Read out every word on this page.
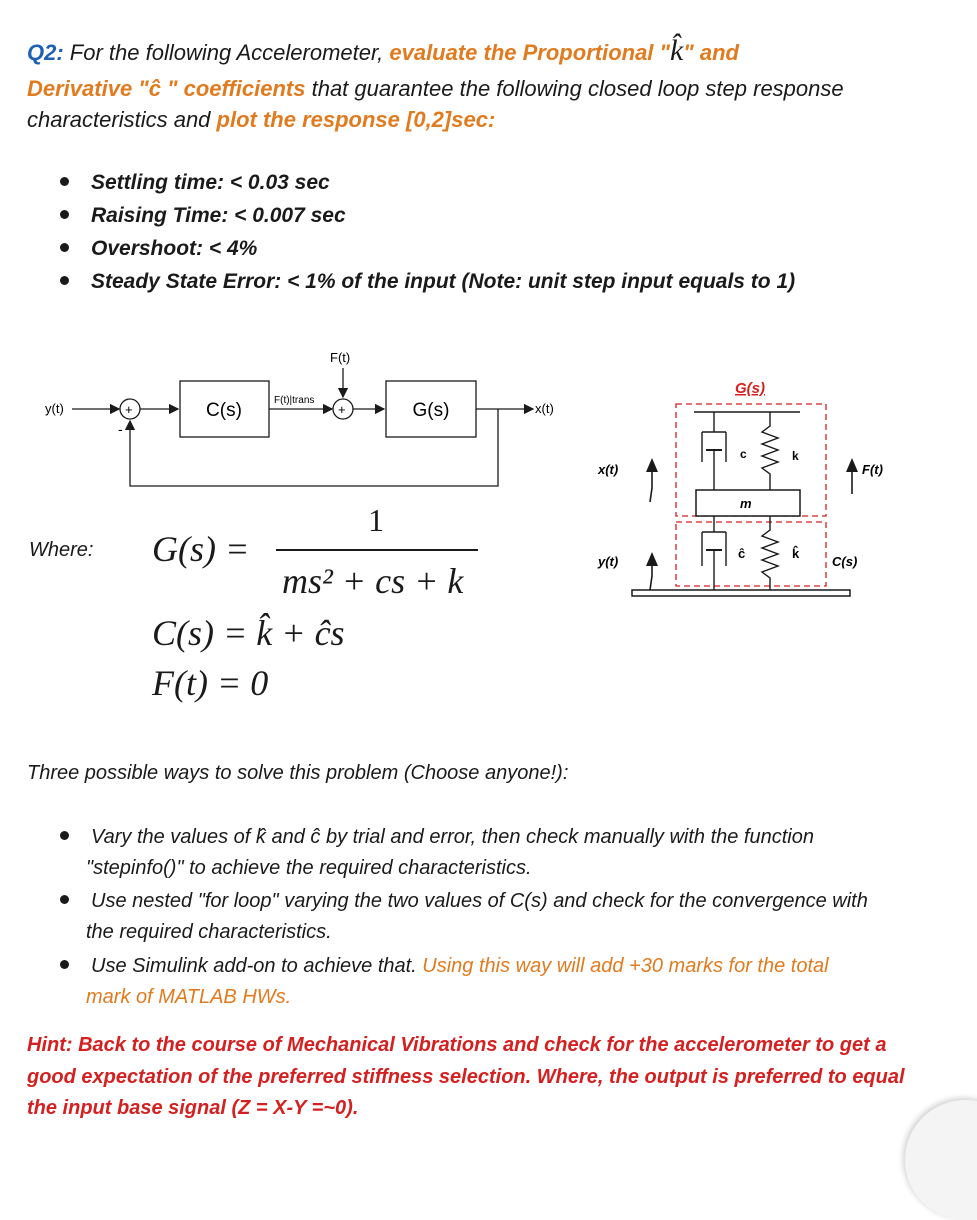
Q2: For the following Accelerometer, evaluate the Proportional "k̂" and
Derivative "ĉ " coefficients that guarantee the following closed loop step response
characteristics and plot the response [0,2]sec:
Settling time: < 0.03 sec
Raising Time: < 0.007 sec
Overshoot: < 4%
Steady State Error: < 1% of the input (Note: unit step input equals to 1)
y(t)	+
-
C(s)	F(t)|trans
F(t)
+	G(s)	x(t)
G(s)
c	k
m
x(t)	F(t)
ĉ	k̂
C(s)
y(t)
Where: G(s) =
1
ms² + cs + k
C(s) = k̂ + ĉs
F(t) = 0
Three possible ways to solve this problem (Choose anyone!):
Vary the values of k̂ and ĉ by trial and error, then check manually with the function
"stepinfo()" to achieve the required characteristics.
Use nested "for loop" varying the two values of C(s) and check for the convergence with
the required characteristics.
Use Simulink add-on to achieve that. Using this way will add +30 marks for the total
mark of MATLAB HWs.
Hint: Back to the course of Mechanical Vibrations and check for the accelerometer to get a
good expectation of the preferred stiffness selection. Where, the output is preferred to equal
the input base signal (Z = X-Y =~0).
